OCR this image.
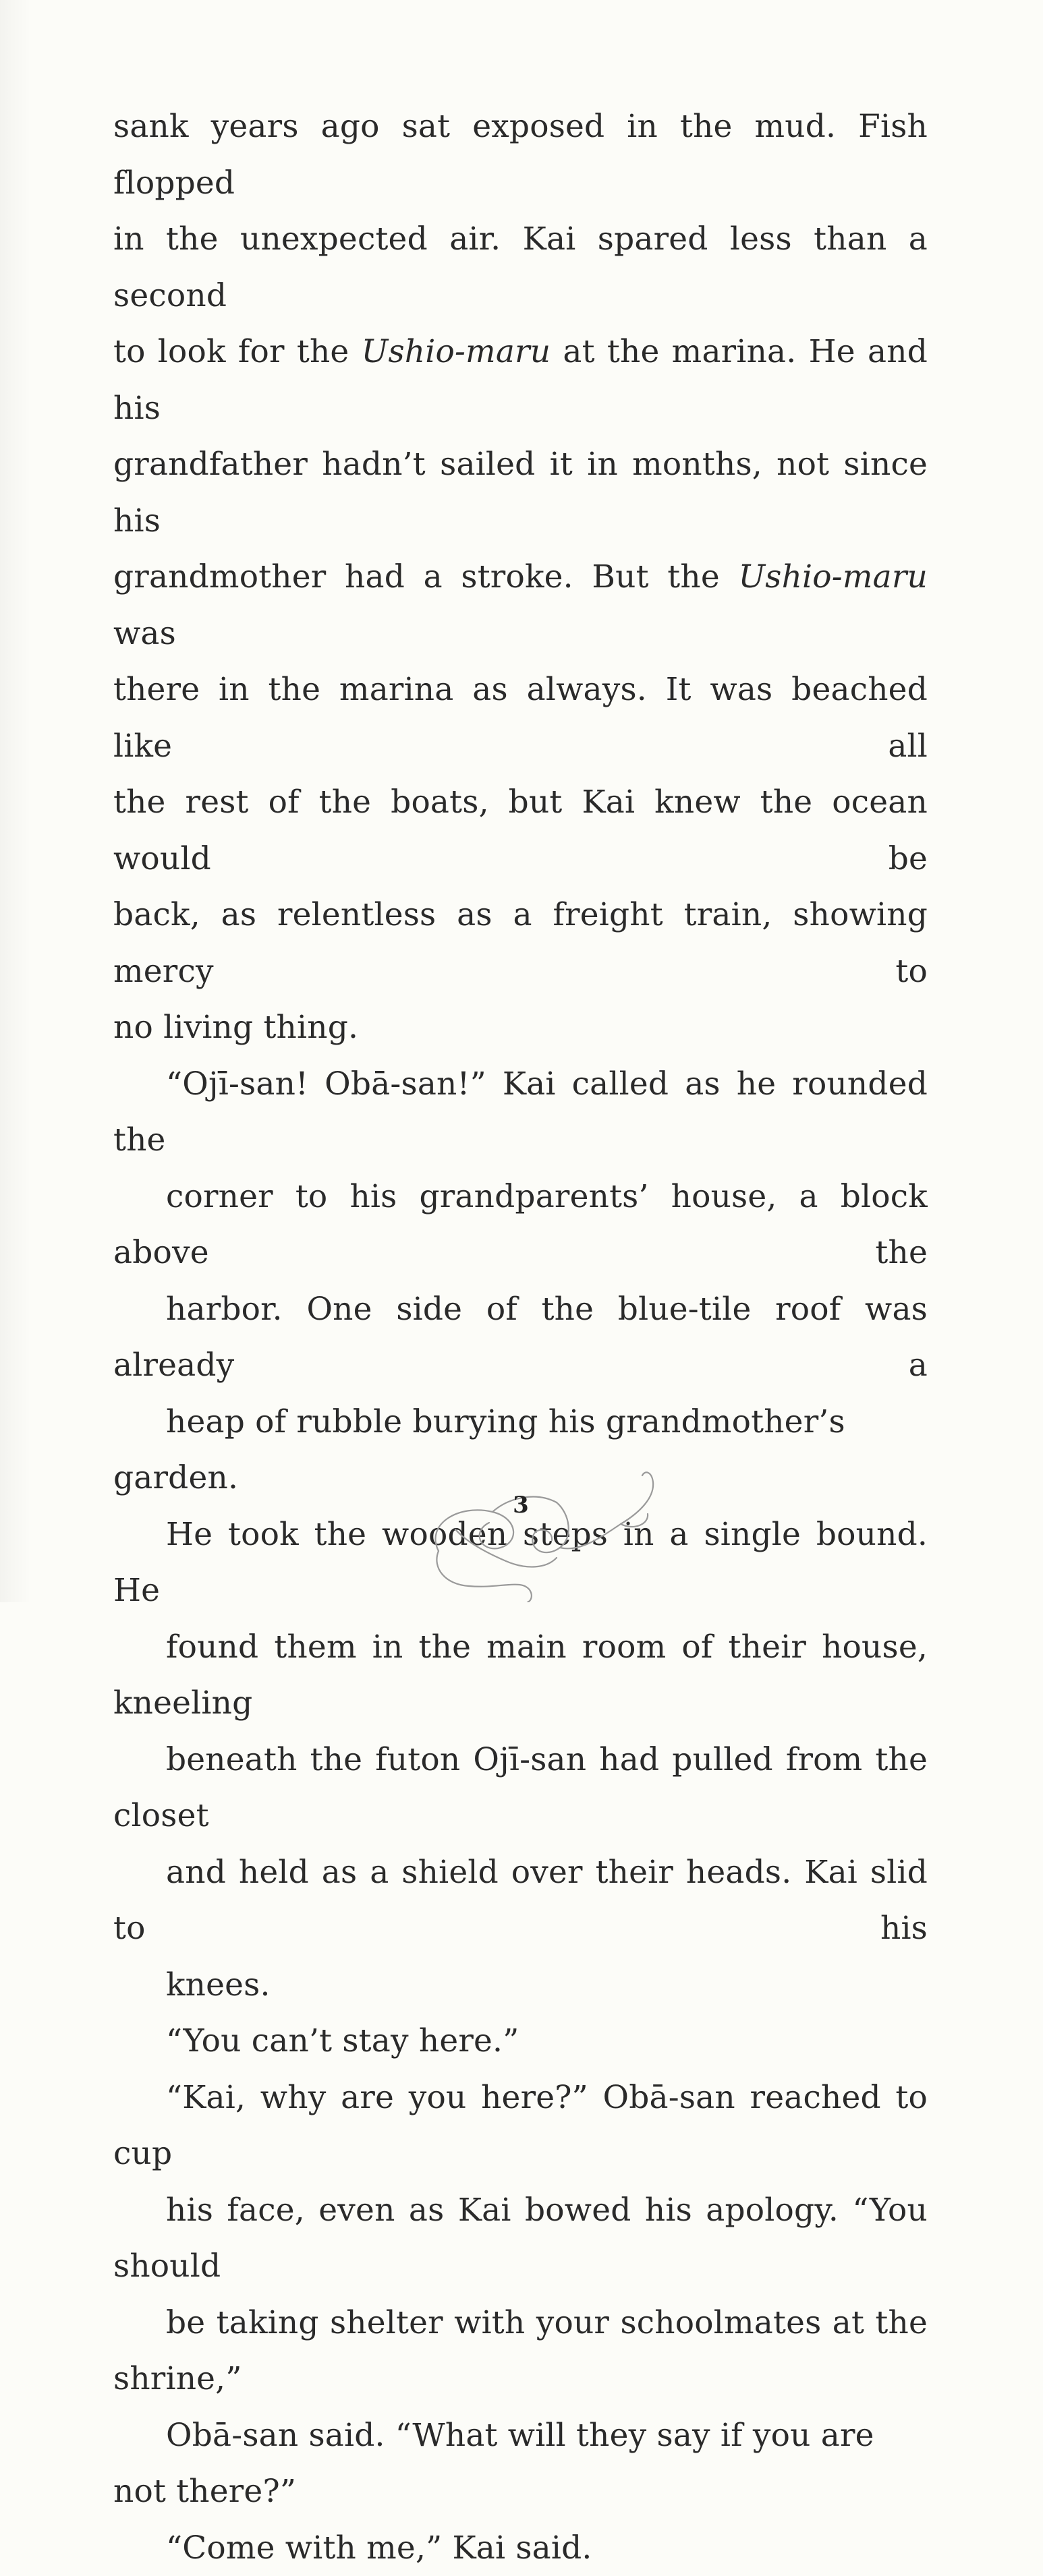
sank years ago sat exposed in the mud. Fish flopped
in the unexpected air. Kai spared less than a second
to look for the Ushio-maru at the marina. He and his
grandfather hadn’t sailed it in months, not since his
grandmother had a stroke. But the Ushio-maru was
there in the marina as always. It was beached like all
the rest of the boats, but Kai knew the ocean would be
back, as relentless as a freight train, showing mercy to
no living thing.
“Ojī-san! Obā-san!” Kai called as he rounded the
corner to his grandparents’ house, a block above the
harbor. One side of the blue-tile roof was already a
heap of rubble burying his grandmother’s garden.
He took the wooden steps in a single bound. He
found them in the main room of their house, kneeling
beneath the futon Ojī-san had pulled from the closet
and held as a shield over their heads. Kai slid to his
knees.
“You can’t stay here.”
“Kai, why are you here?” Obā-san reached to cup
his face, even as Kai bowed his apology. “You should
be taking shelter with your schoolmates at the shrine,”
Obā-san said. “What will they say if you are not there?”
“Come with me,” Kai said.
3
